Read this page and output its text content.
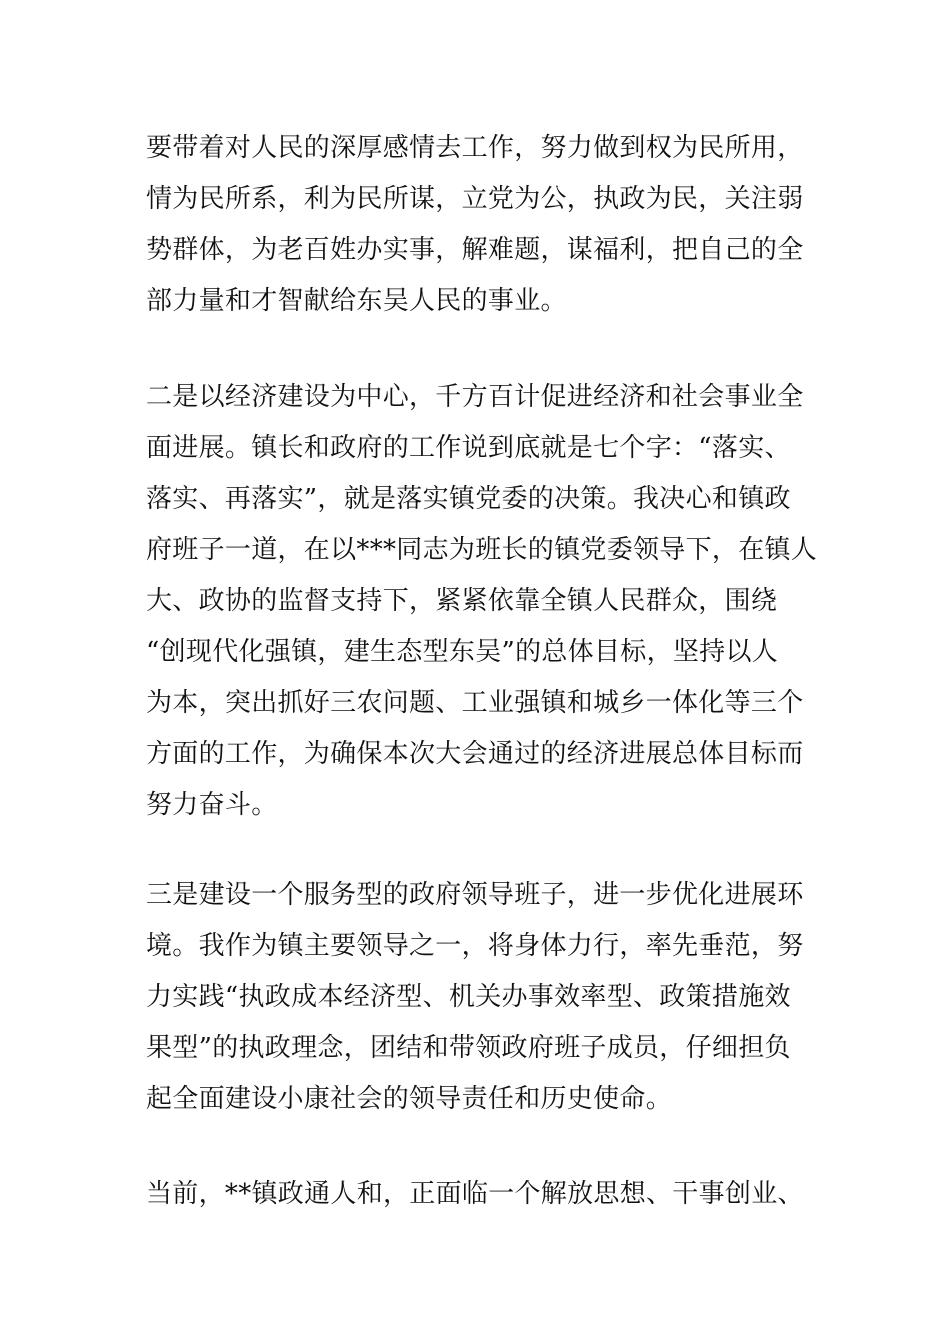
要带着对人民的深厚感情去工作，努力做到权为民所用，
情为民所系，利为民所谋，立党为公，执政为民，关注弱
势群体，为老百姓办实事，解难题，谋福利，把自己的全
部力量和才智献给东吴人民的事业。
二是以经济建设为中心，千方百计促进经济和社会事业全
面进展。镇长和政府的工作说到底就是七个字：“落实、
落实、再落实”，就是落实镇党委的决策。我决心和镇政
府班子一道，在以***同志为班长的镇党委领导下，在镇人
大、政协的监督支持下，紧紧依靠全镇人民群众，围绕
“创现代化强镇，建生态型东吴”的总体目标，坚持以人
为本，突出抓好三农问题、工业强镇和城乡一体化等三个
方面的工作，为确保本次大会通过的经济进展总体目标而
努力奋斗。
三是建设一个服务型的政府领导班子，进一步优化进展环
境。我作为镇主要领导之一，将身体力行，率先垂范，努
力实践“执政成本经济型、机关办事效率型、政策措施效
果型”的执政理念，团结和带领政府班子成员，仔细担负
起全面建设小康社会的领导责任和历史使命。
当前，**镇政通人和，正面临一个解放思想、干事创业、
